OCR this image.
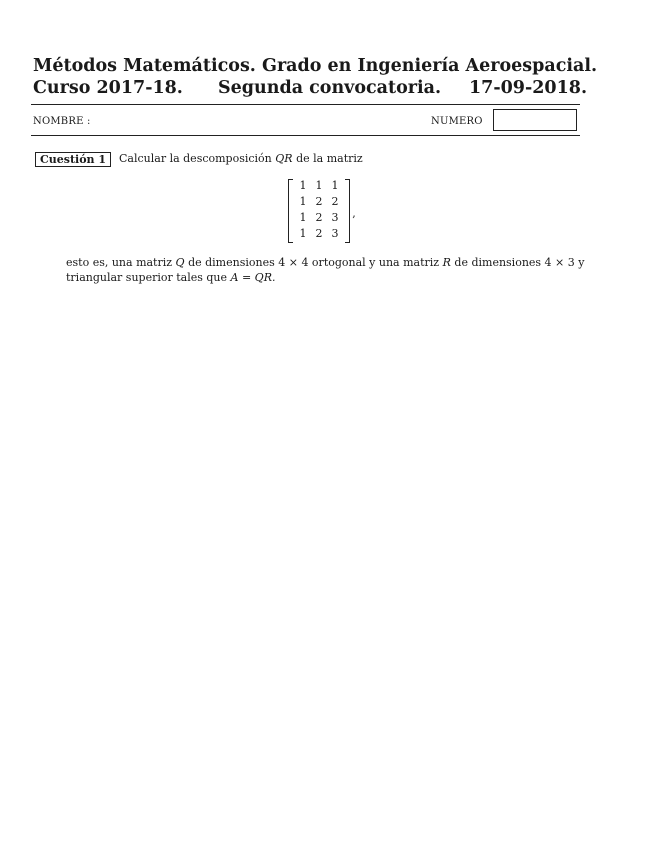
Métodos Matemáticos. Grado en Ingeniería Aeroespacial.
Curso 2017-18. Segunda convocatoria. 17-09-2018.
NOMBRE :	NUMERO
Cuestión 1	Calcular la descomposición QR de la matriz
1 1 1
1 2 2
1 2 3
1 2 3
,
esto es, una matriz Q de dimensiones 4 × 4 ortogonal y una matriz R de dimensiones 4 × 3 y
triangular superior tales que A = QR.
